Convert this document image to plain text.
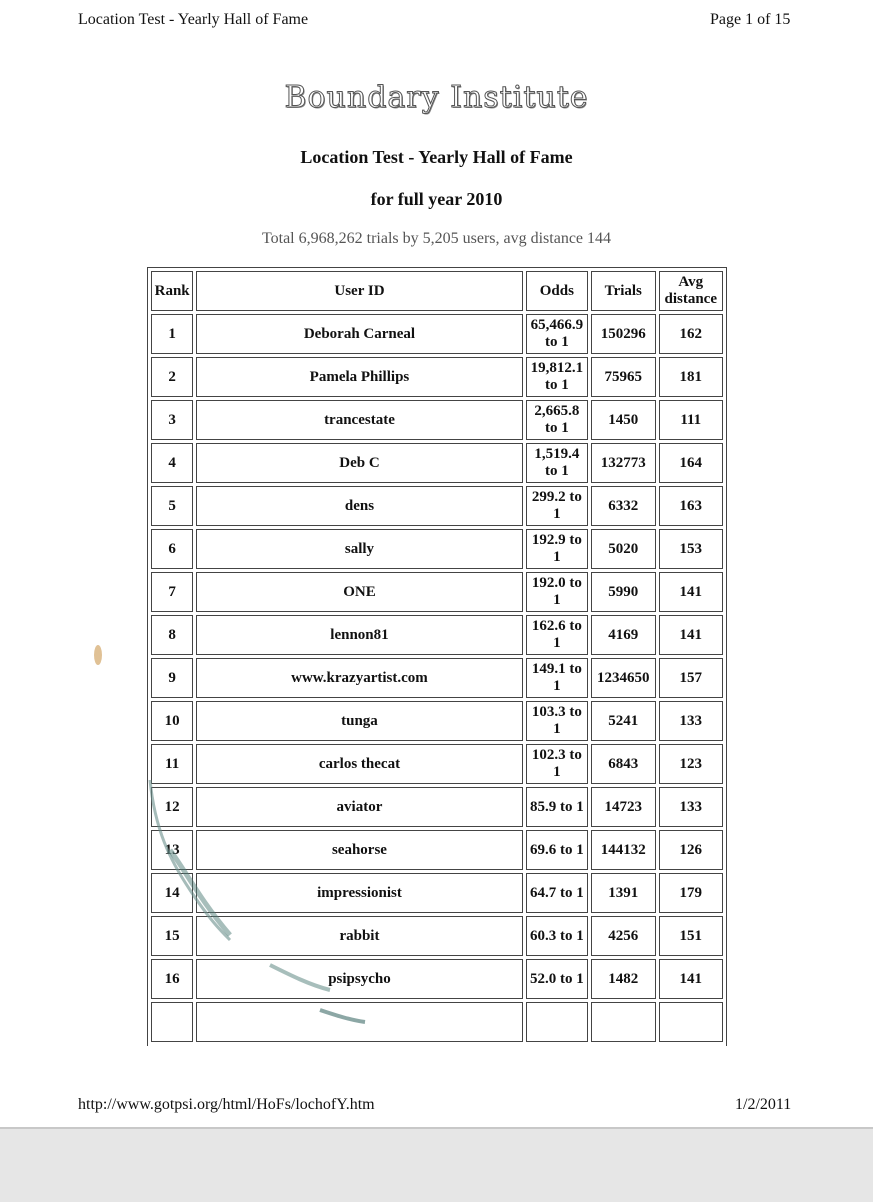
Location Test - Yearly Hall of Fame	Page 1 of 15
Boundary Institute
Location Test - Yearly Hall of Fame
for full year 2010
Total 6,968,262 trials by 5,205 users, avg distance 144
Rank	User ID	Odds	Trials	Avg distance
1	Deborah Carneal	65,466.9 to 1	150296	162
2	Pamela Phillips	19,812.1 to 1	75965	181
3	trancestate	2,665.8 to 1	1450	111
4	Deb C	1,519.4 to 1	132773	164
5	dens	299.2 to 1	6332	163
6	sally	192.9 to 1	5020	153
7	ONE	192.0 to 1	5990	141
8	lennon81	162.6 to 1	4169	141
9	www.krazyartist.com	149.1 to 1	1234650	157
10	tunga	103.3 to 1	5241	133
11	carlos thecat	102.3 to 1	6843	123
12	aviator	85.9 to 1	14723	133
13	seahorse	69.6 to 1	144132	126
14	impressionist	64.7 to 1	1391	179
15	rabbit	60.3 to 1	4256	151
16	psipsycho	52.0 to 1	1482	141

http://www.gotpsi.org/html/HoFs/lochofY.htm	1/2/2011
